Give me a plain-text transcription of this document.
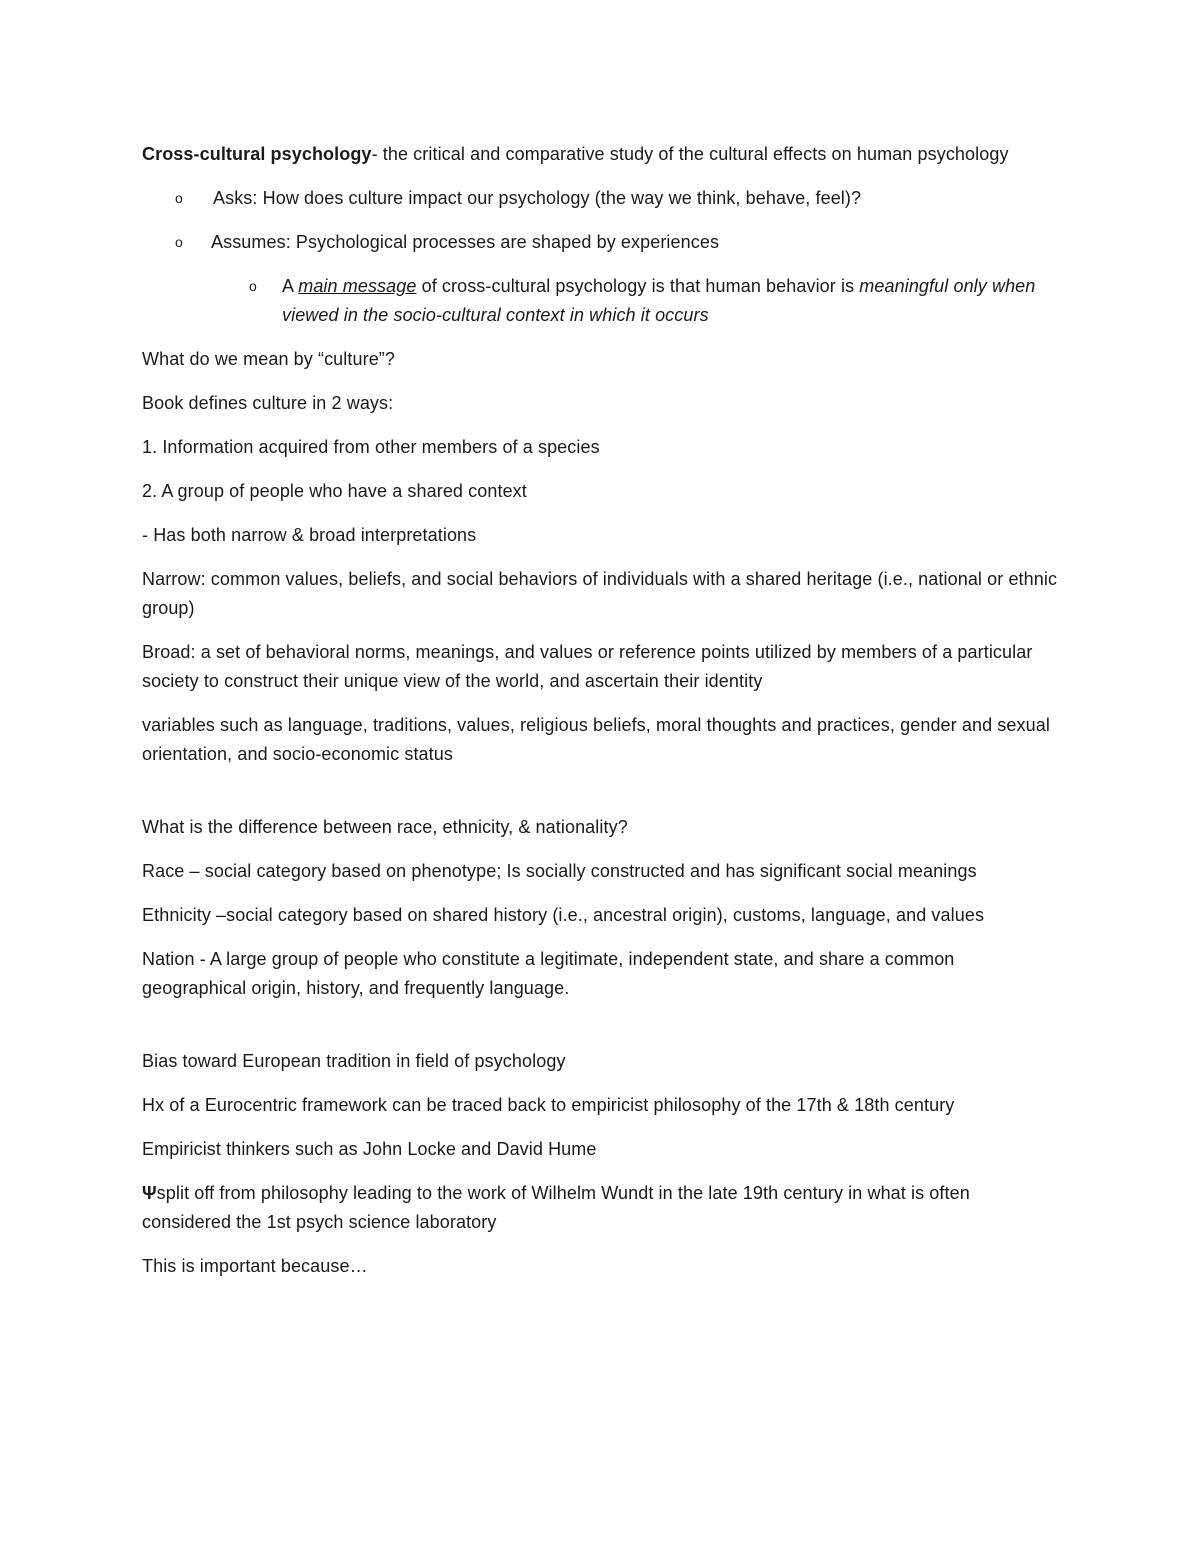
Cross-cultural psychology- the critical and comparative study of the cultural effects on human psychology

o Asks: How does culture impact our psychology (the way we think, behave, feel)?
o Assumes: Psychological processes are shaped by experiences
o A main message of cross-cultural psychology is that human behavior is meaningful only when viewed in the socio-cultural context in which it occurs

What do we mean by “culture”?

Book defines culture in 2 ways:

1. Information acquired from other members of a species

2. A group of people who have a shared context

- Has both narrow & broad interpretations

Narrow: common values, beliefs, and social behaviors of individuals with a shared heritage (i.e., national or ethnic group)

Broad: a set of behavioral norms, meanings, and values or reference points utilized by members of a particular society to construct their unique view of the world, and ascertain their identity

variables such as language, traditions, values, religious beliefs, moral thoughts and practices, gender and sexual orientation, and socio-economic status

What is the difference between race, ethnicity, & nationality?

Race – social category based on phenotype; Is socially constructed and has significant social meanings

Ethnicity –social category based on shared history (i.e., ancestral origin), customs, language, and values

Nation - A large group of people who constitute a legitimate, independent state, and share a common geographical origin, history, and frequently language.

Bias toward European tradition in field of psychology

Hx of a Eurocentric framework can be traced back to empiricist philosophy of the 17th & 18th century

Empiricist thinkers such as John Locke and David Hume

Ψsplit off from philosophy leading to the work of Wilhelm Wundt in the late 19th century in what is often considered the 1st psych science laboratory

This is important because…
